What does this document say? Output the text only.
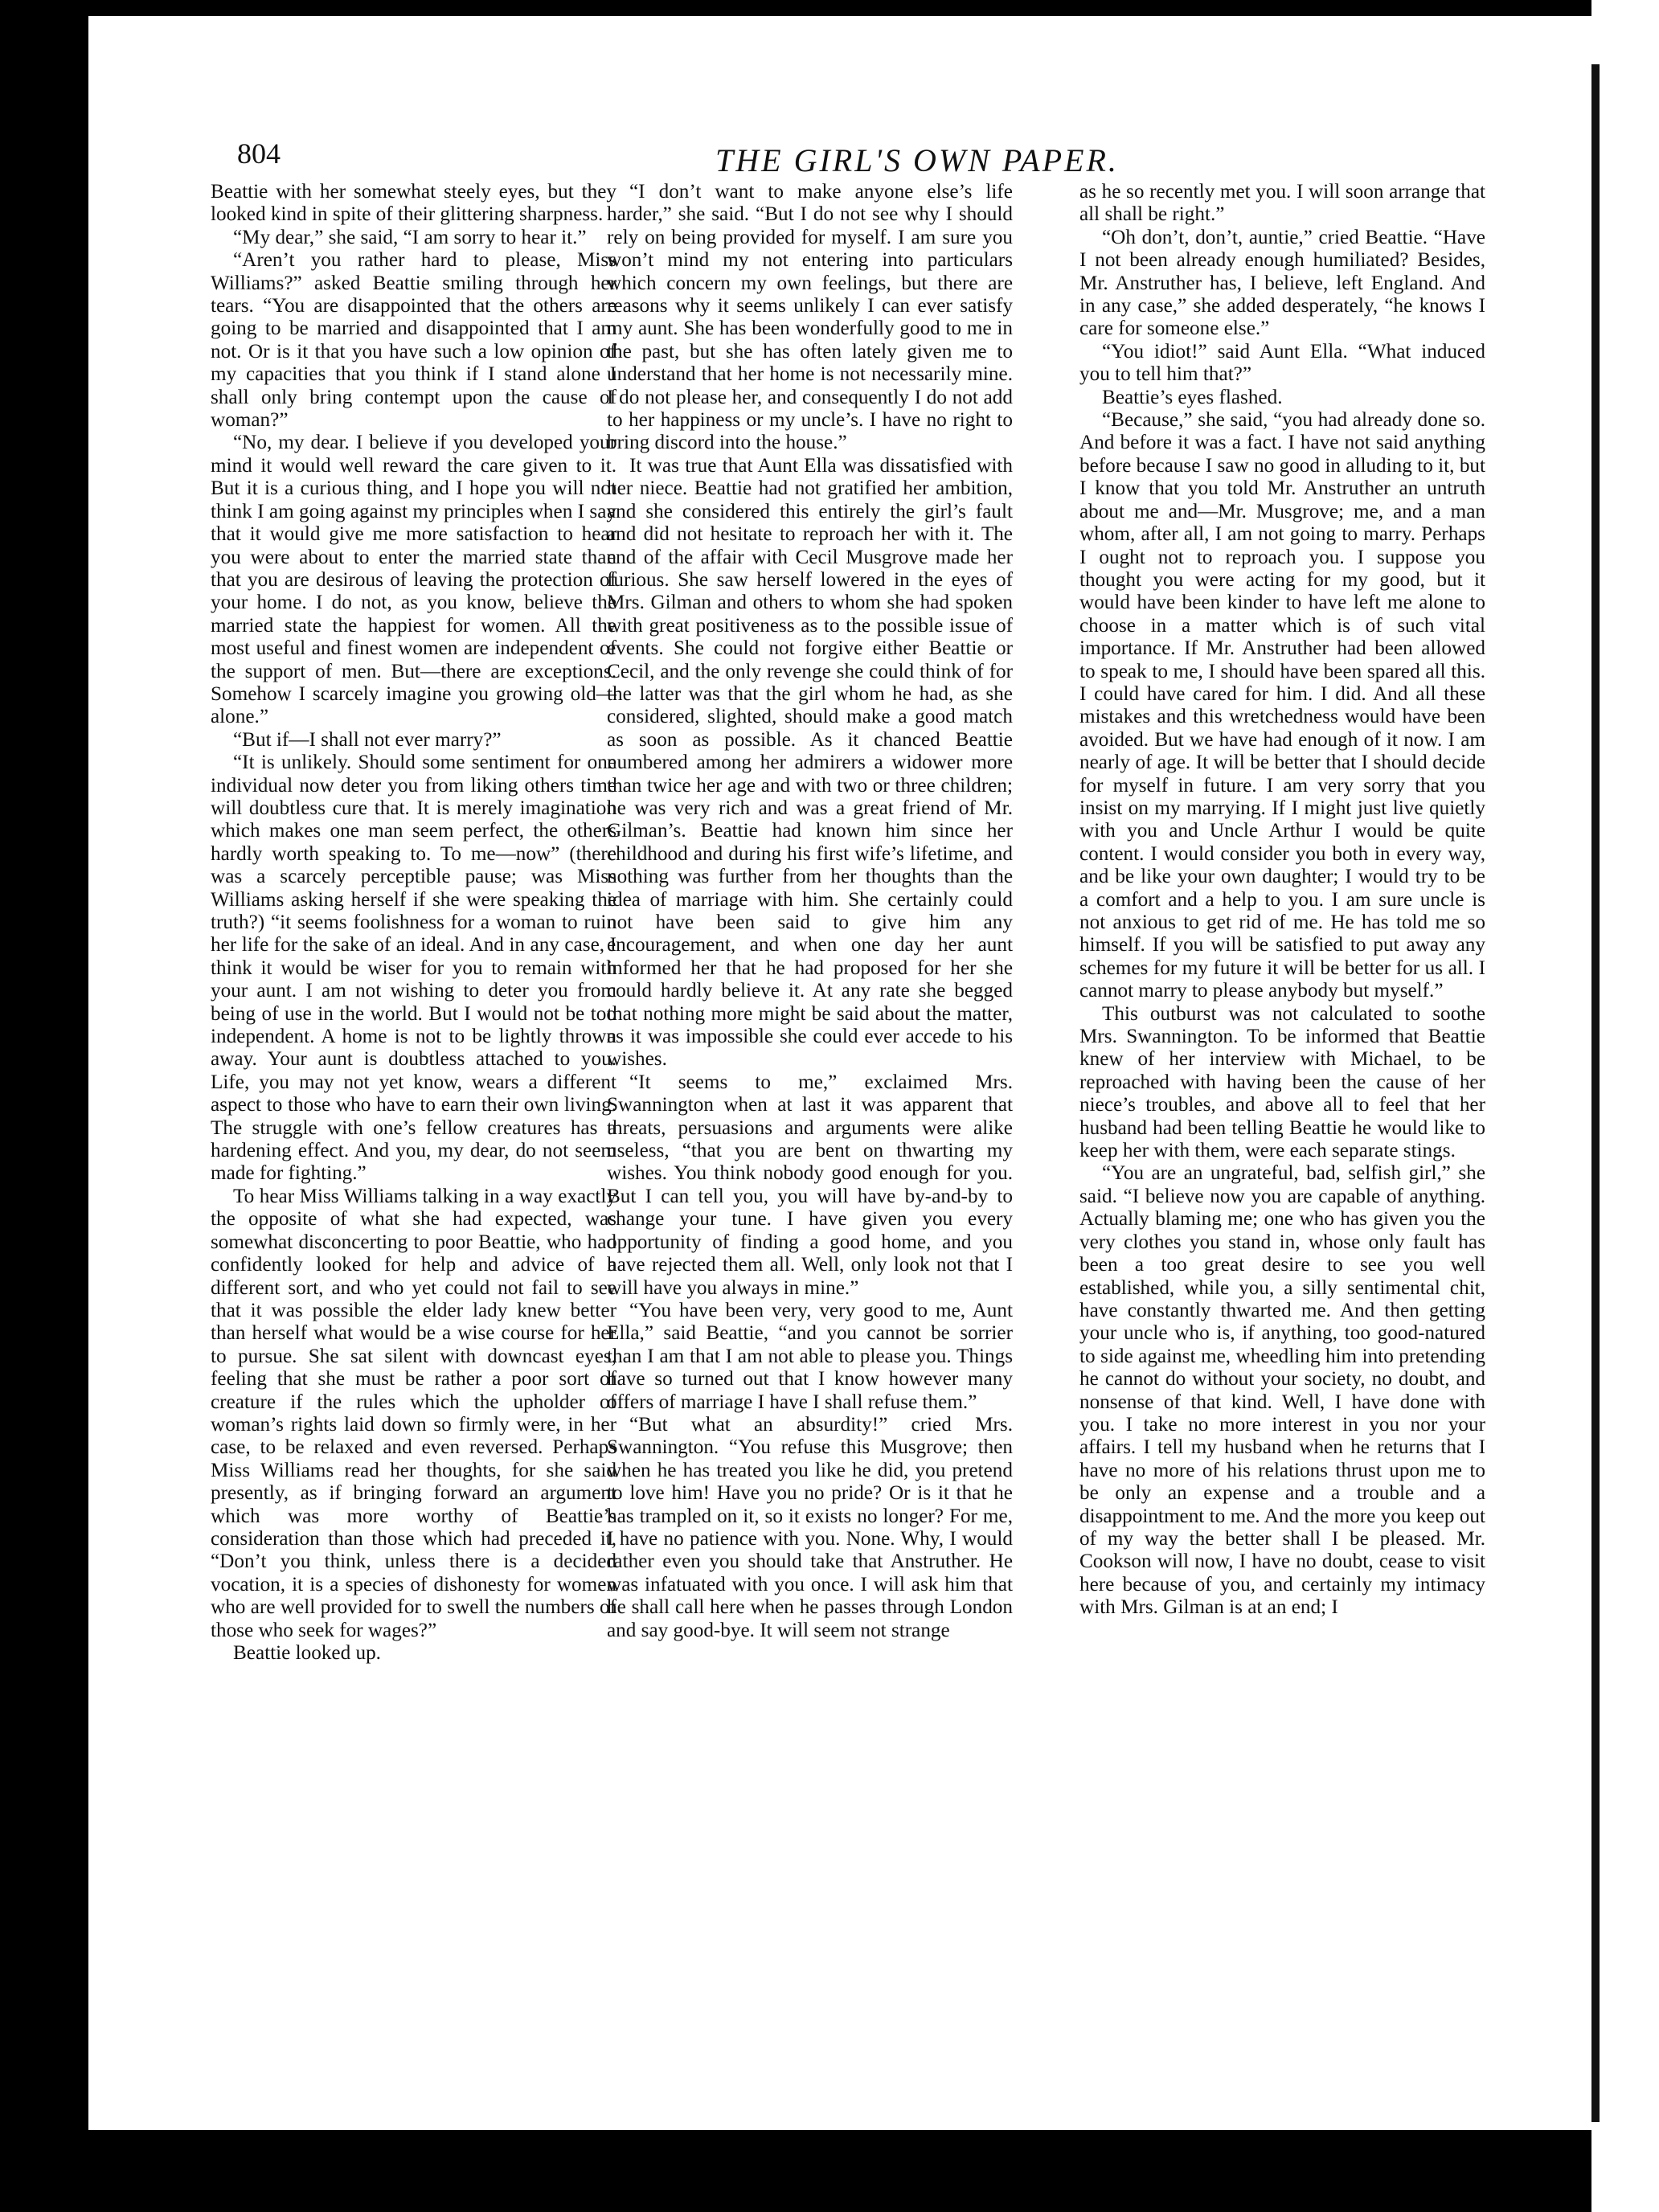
804	THE GIRL'S OWN PAPER.

Beattie with her somewhat steely eyes, but they looked kind in spite of their glittering sharpness.

“My dear,” she said, “I am sorry to hear it.”

“Aren’t you rather hard to please, Miss Williams?” asked Beattie smiling through her tears. “You are disappointed that the others are going to be married and disappointed that I am not. Or is it that you have such a low opinion of my capacities that you think if I stand alone I shall only bring contempt upon the cause of woman?”

“No, my dear. I believe if you developed your mind it would well reward the care given to it. But it is a curious thing, and I hope you will not think I am going against my principles when I say that it would give me more satisfaction to hear you were about to enter the married state than that you are desirous of leaving the protection of your home. I do not, as you know, believe the married state the happiest for women. All the most useful and finest women are independent of the support of men. But—there are exceptions. Somehow I scarcely imagine you growing old—alone.”

“But if—I shall not ever marry?”

“It is unlikely. Should some sentiment for one individual now deter you from liking others time will doubtless cure that. It is merely imagination which makes one man seem perfect, the others hardly worth speaking to. To me—now” (there was a scarcely perceptible pause; was Miss Williams asking herself if she were speaking the truth?) “it seems foolishness for a woman to ruin her life for the sake of an ideal. And in any case, I think it would be wiser for you to remain with your aunt. I am not wishing to deter you from being of use in the world. But I would not be too independent. A home is not to be lightly thrown away. Your aunt is doubtless attached to you. Life, you may not yet know, wears a different aspect to those who have to earn their own living. The struggle with one’s fellow creatures has a hardening effect. And you, my dear, do not seem made for fighting.”

To hear Miss Williams talking in a way exactly the opposite of what she had expected, was somewhat disconcerting to poor Beattie, who had confidently looked for help and advice of a different sort, and who yet could not fail to see that it was possible the elder lady knew better than herself what would be a wise course for her to pursue. She sat silent with downcast eyes, feeling that she must be rather a poor sort of creature if the rules which the upholder of woman’s rights laid down so firmly were, in her case, to be relaxed and even reversed. Perhaps Miss Williams read her thoughts, for she said presently, as if bringing forward an argument which was more worthy of Beattie’s consideration than those which had preceded it, “Don’t you think, unless there is a decided vocation, it is a species of dishonesty for women who are well provided for to swell the numbers of those who seek for wages?”

Beattie looked up.

“I don’t want to make anyone else’s life harder,” she said. “But I do not see why I should rely on being provided for myself. I am sure you won’t mind my not entering into particulars which concern my own feelings, but there are reasons why it seems unlikely I can ever satisfy my aunt. She has been wonderfully good to me in the past, but she has often lately given me to understand that her home is not necessarily mine. I do not please her, and consequently I do not add to her happiness or my uncle’s. I have no right to bring discord into the house.”

It was true that Aunt Ella was dissatisfied with her niece. Beattie had not gratified her ambition, and she considered this entirely the girl’s fault and did not hesitate to reproach her with it. The end of the affair with Cecil Musgrove made her furious. She saw herself lowered in the eyes of Mrs. Gilman and others to whom she had spoken with great positiveness as to the possible issue of events. She could not forgive either Beattie or Cecil, and the only revenge she could think of for the latter was that the girl whom he had, as she considered, slighted, should make a good match as soon as possible. As it chanced Beattie numbered among her admirers a widower more than twice her age and with two or three children; he was very rich and was a great friend of Mr. Gilman’s. Beattie had known him since her childhood and during his first wife’s lifetime, and nothing was further from her thoughts than the idea of marriage with him. She certainly could not have been said to give him any encouragement, and when one day her aunt informed her that he had proposed for her she could hardly believe it. At any rate she begged that nothing more might be said about the matter, as it was impossible she could ever accede to his wishes.

“It seems to me,” exclaimed Mrs. Swannington when at last it was apparent that threats, persuasions and arguments were alike useless, “that you are bent on thwarting my wishes. You think nobody good enough for you. But I can tell you, you will have by-and-by to change your tune. I have given you every opportunity of finding a good home, and you have rejected them all. Well, only look not that I will have you always in mine.”

“You have been very, very good to me, Aunt Ella,” said Beattie, “and you cannot be sorrier than I am that I am not able to please you. Things have so turned out that I know however many offers of marriage I have I shall refuse them.”

“But what an absurdity!” cried Mrs. Swannington. “You refuse this Musgrove; then when he has treated you like he did, you pretend to love him! Have you no pride? Or is it that he has trampled on it, so it exists no longer? For me, I have no patience with you. None. Why, I would rather even you should take that Anstruther. He was infatuated with you once. I will ask him that he shall call here when he passes through London and say good-bye. It will seem not strange

as he so recently met you. I will soon arrange that all shall be right.”

“Oh don’t, don’t, auntie,” cried Beattie. “Have I not been already enough humiliated? Besides, Mr. Anstruther has, I believe, left England. And in any case,” she added desperately, “he knows I care for someone else.”

“You idiot!” said Aunt Ella. “What induced you to tell him that?”

Beattie’s eyes flashed.

“Because,” she said, “you had already done so. And before it was a fact. I have not said anything before because I saw no good in alluding to it, but I know that you told Mr. Anstruther an untruth about me and—Mr. Musgrove; me, and a man whom, after all, I am not going to marry. Perhaps I ought not to reproach you. I suppose you thought you were acting for my good, but it would have been kinder to have left me alone to choose in a matter which is of such vital importance. If Mr. Anstruther had been allowed to speak to me, I should have been spared all this. I could have cared for him. I did. And all these mistakes and this wretchedness would have been avoided. But we have had enough of it now. I am nearly of age. It will be better that I should decide for myself in future. I am very sorry that you insist on my marrying. If I might just live quietly with you and Uncle Arthur I would be quite content. I would consider you both in every way, and be like your own daughter; I would try to be a comfort and a help to you. I am sure uncle is not anxious to get rid of me. He has told me so himself. If you will be satisfied to put away any schemes for my future it will be better for us all. I cannot marry to please anybody but myself.”

This outburst was not calculated to soothe Mrs. Swannington. To be informed that Beattie knew of her interview with Michael, to be reproached with having been the cause of her niece’s troubles, and above all to feel that her husband had been telling Beattie he would like to keep her with them, were each separate stings.

“You are an ungrateful, bad, selfish girl,” she said. “I believe now you are capable of anything. Actually blaming me; one who has given you the very clothes you stand in, whose only fault has been a too great desire to see you well established, while you, a silly sentimental chit, have constantly thwarted me. And then getting your uncle who is, if anything, too good-natured to side against me, wheedling him into pretending he cannot do without your society, no doubt, and nonsense of that kind. Well, I have done with you. I take no more interest in you nor your affairs. I tell my husband when he returns that I have no more of his relations thrust upon me to be only an expense and a trouble and a disappointment to me. And the more you keep out of my way the better shall I be pleased. Mr. Cookson will now, I have no doubt, cease to visit here because of you, and certainly my intimacy with Mrs. Gilman is at an end; I
